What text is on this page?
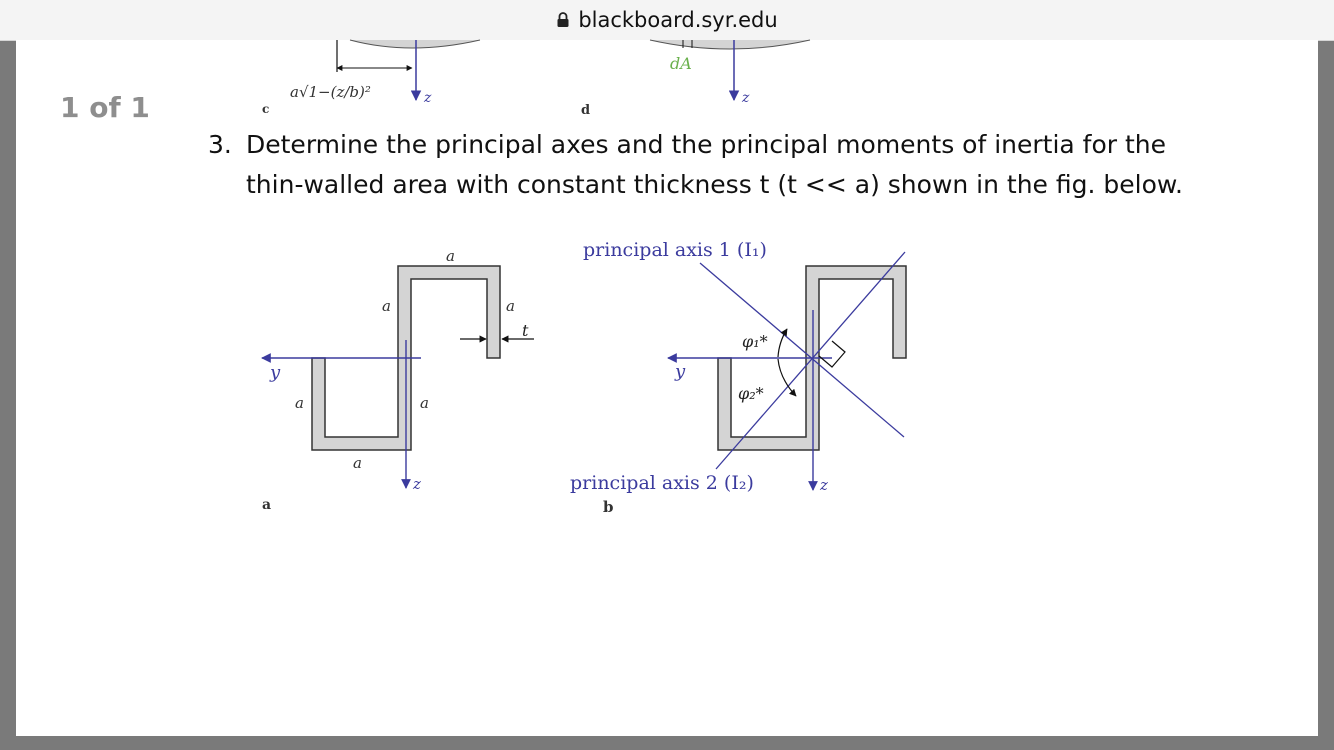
blackboard.syr.edu
1 of 1
3. Determine the principal axes and the principal moments of inertia for the
thin-walled area with constant thickness t (t << a) shown in the fig. below.
a√1−(z/b)²	z
c
dA
z
d
y
z
t
a
a	a
a	a
a
a
φ₁*
φ₂*
y
z
principal axis 1 (I₁)
principal axis 2 (I₂)
b
